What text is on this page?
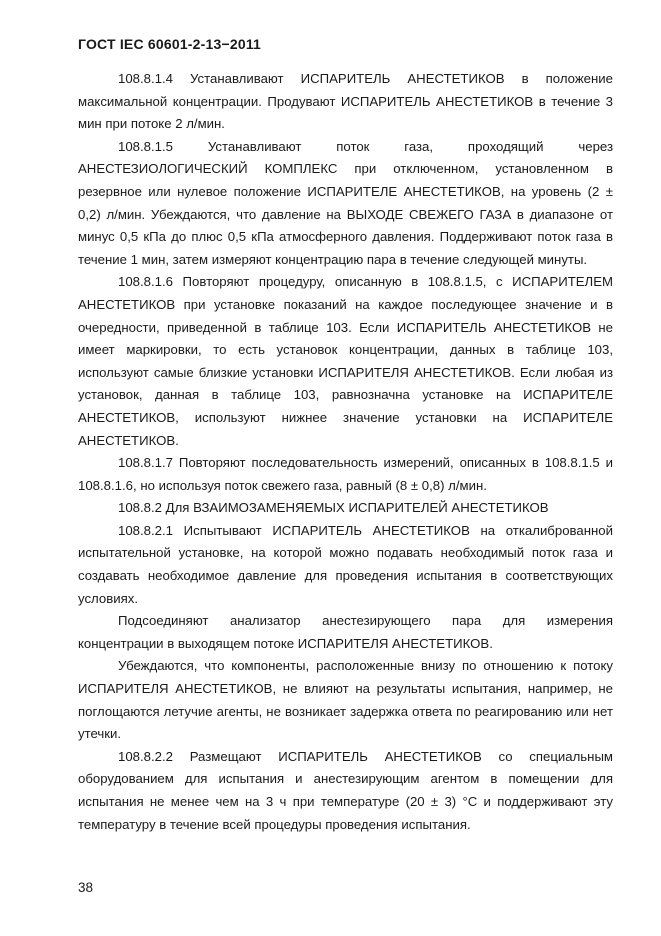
ГОСТ IEC 60601-2-13−2011

108.8.1.4 Устанавливают ИСПАРИТЕЛЬ АНЕСТЕТИКОВ в положение максимальной концентрации. Продувают ИСПАРИТЕЛЬ АНЕСТЕТИКОВ в течение 3 мин при потоке 2 л/мин.

108.8.1.5 Устанавливают поток газа, проходящий через АНЕСТЕЗИОЛОГИЧЕСКИЙ КОМПЛЕКС при отключенном, установленном в резервное или нулевое положение ИСПАРИТЕЛЕ АНЕСТЕТИКОВ, на уровень (2 ± 0,2) л/мин. Убеждаются, что давление на ВЫХОДЕ СВЕЖЕГО ГАЗА в диапазоне от минус 0,5 кПа до плюс 0,5 кПа атмосферного давления. Поддерживают поток газа в течение 1 мин, затем измеряют концентрацию пара в течение следующей минуты.

108.8.1.6 Повторяют процедуру, описанную в 108.8.1.5, с ИСПАРИТЕЛЕМ АНЕСТЕТИКОВ при установке показаний на каждое последующее значение и в очередности, приведенной в таблице 103. Если ИСПАРИТЕЛЬ АНЕСТЕТИКОВ не имеет маркировки, то есть установок концентрации, данных в таблице 103, используют самые близкие установки ИСПАРИТЕЛЯ АНЕСТЕТИКОВ. Если любая из установок, данная в таблице 103, равнозначна установке на ИСПАРИТЕЛЕ АНЕСТЕТИКОВ, используют нижнее значение установки на ИСПАРИТЕЛЕ АНЕСТЕТИКОВ.

108.8.1.7 Повторяют последовательность измерений, описанных в 108.8.1.5 и 108.8.1.6, но используя поток свежего газа, равный (8 ± 0,8) л/мин.

108.8.2 Для ВЗАИМОЗАМЕНЯЕМЫХ ИСПАРИТЕЛЕЙ АНЕСТЕТИКОВ

108.8.2.1 Испытывают ИСПАРИТЕЛЬ АНЕСТЕТИКОВ на откалиброванной испытательной установке, на которой можно подавать необходимый поток газа и создавать необходимое давление для проведения испытания в соответствующих условиях.

Подсоединяют анализатор анестезирующего пара для измерения концентрации в выходящем потоке ИСПАРИТЕЛЯ АНЕСТЕТИКОВ.

Убеждаются, что компоненты, расположенные внизу по отношению к потоку ИСПАРИТЕЛЯ АНЕСТЕТИКОВ, не влияют на результаты испытания, например, не поглощаются летучие агенты, не возникает задержка ответа по реагированию или нет утечки.

108.8.2.2 Размещают ИСПАРИТЕЛЬ АНЕСТЕТИКОВ со специальным оборудованием для испытания и анестезирующим агентом в помещении для испытания не менее чем на 3 ч при температуре (20 ± 3) °С и поддерживают эту температуру в течение всей процедуры проведения испытания.

38
